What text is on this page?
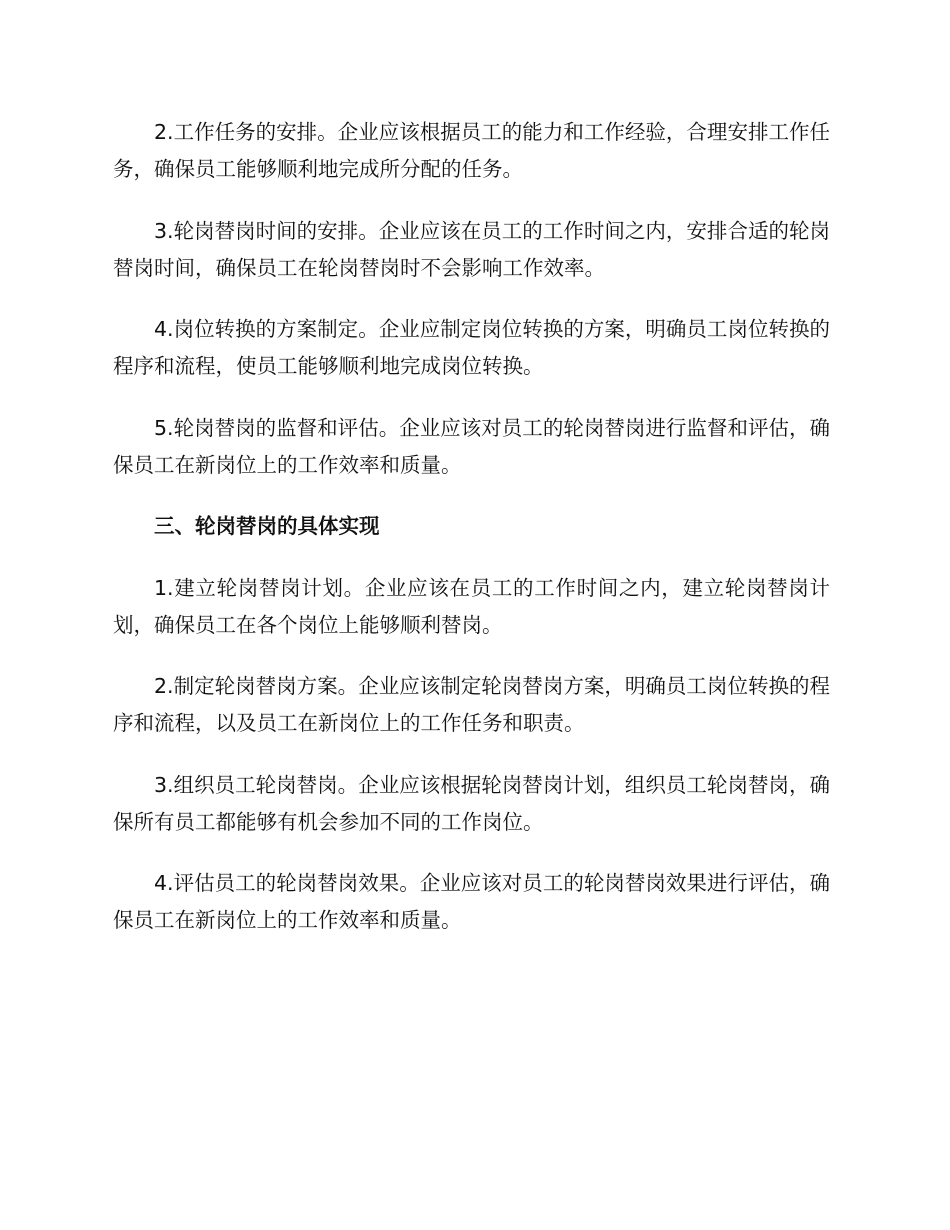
2.工作任务的安排。企业应该根据员工的能力和工作经验，合理安排工作任务，确保员工能够顺利地完成所分配的任务。

3.轮岗替岗时间的安排。企业应该在员工的工作时间之内，安排合适的轮岗替岗时间，确保员工在轮岗替岗时不会影响工作效率。

4.岗位转换的方案制定。企业应制定岗位转换的方案，明确员工岗位转换的程序和流程，使员工能够顺利地完成岗位转换。

5.轮岗替岗的监督和评估。企业应该对员工的轮岗替岗进行监督和评估，确保员工在新岗位上的工作效率和质量。

三、轮岗替岗的具体实现

1.建立轮岗替岗计划。企业应该在员工的工作时间之内，建立轮岗替岗计划，确保员工在各个岗位上能够顺利替岗。

2.制定轮岗替岗方案。企业应该制定轮岗替岗方案，明确员工岗位转换的程序和流程，以及员工在新岗位上的工作任务和职责。

3.组织员工轮岗替岗。企业应该根据轮岗替岗计划，组织员工轮岗替岗，确保所有员工都能够有机会参加不同的工作岗位。

4.评估员工的轮岗替岗效果。企业应该对员工的轮岗替岗效果进行评估，确保员工在新岗位上的工作效率和质量。
